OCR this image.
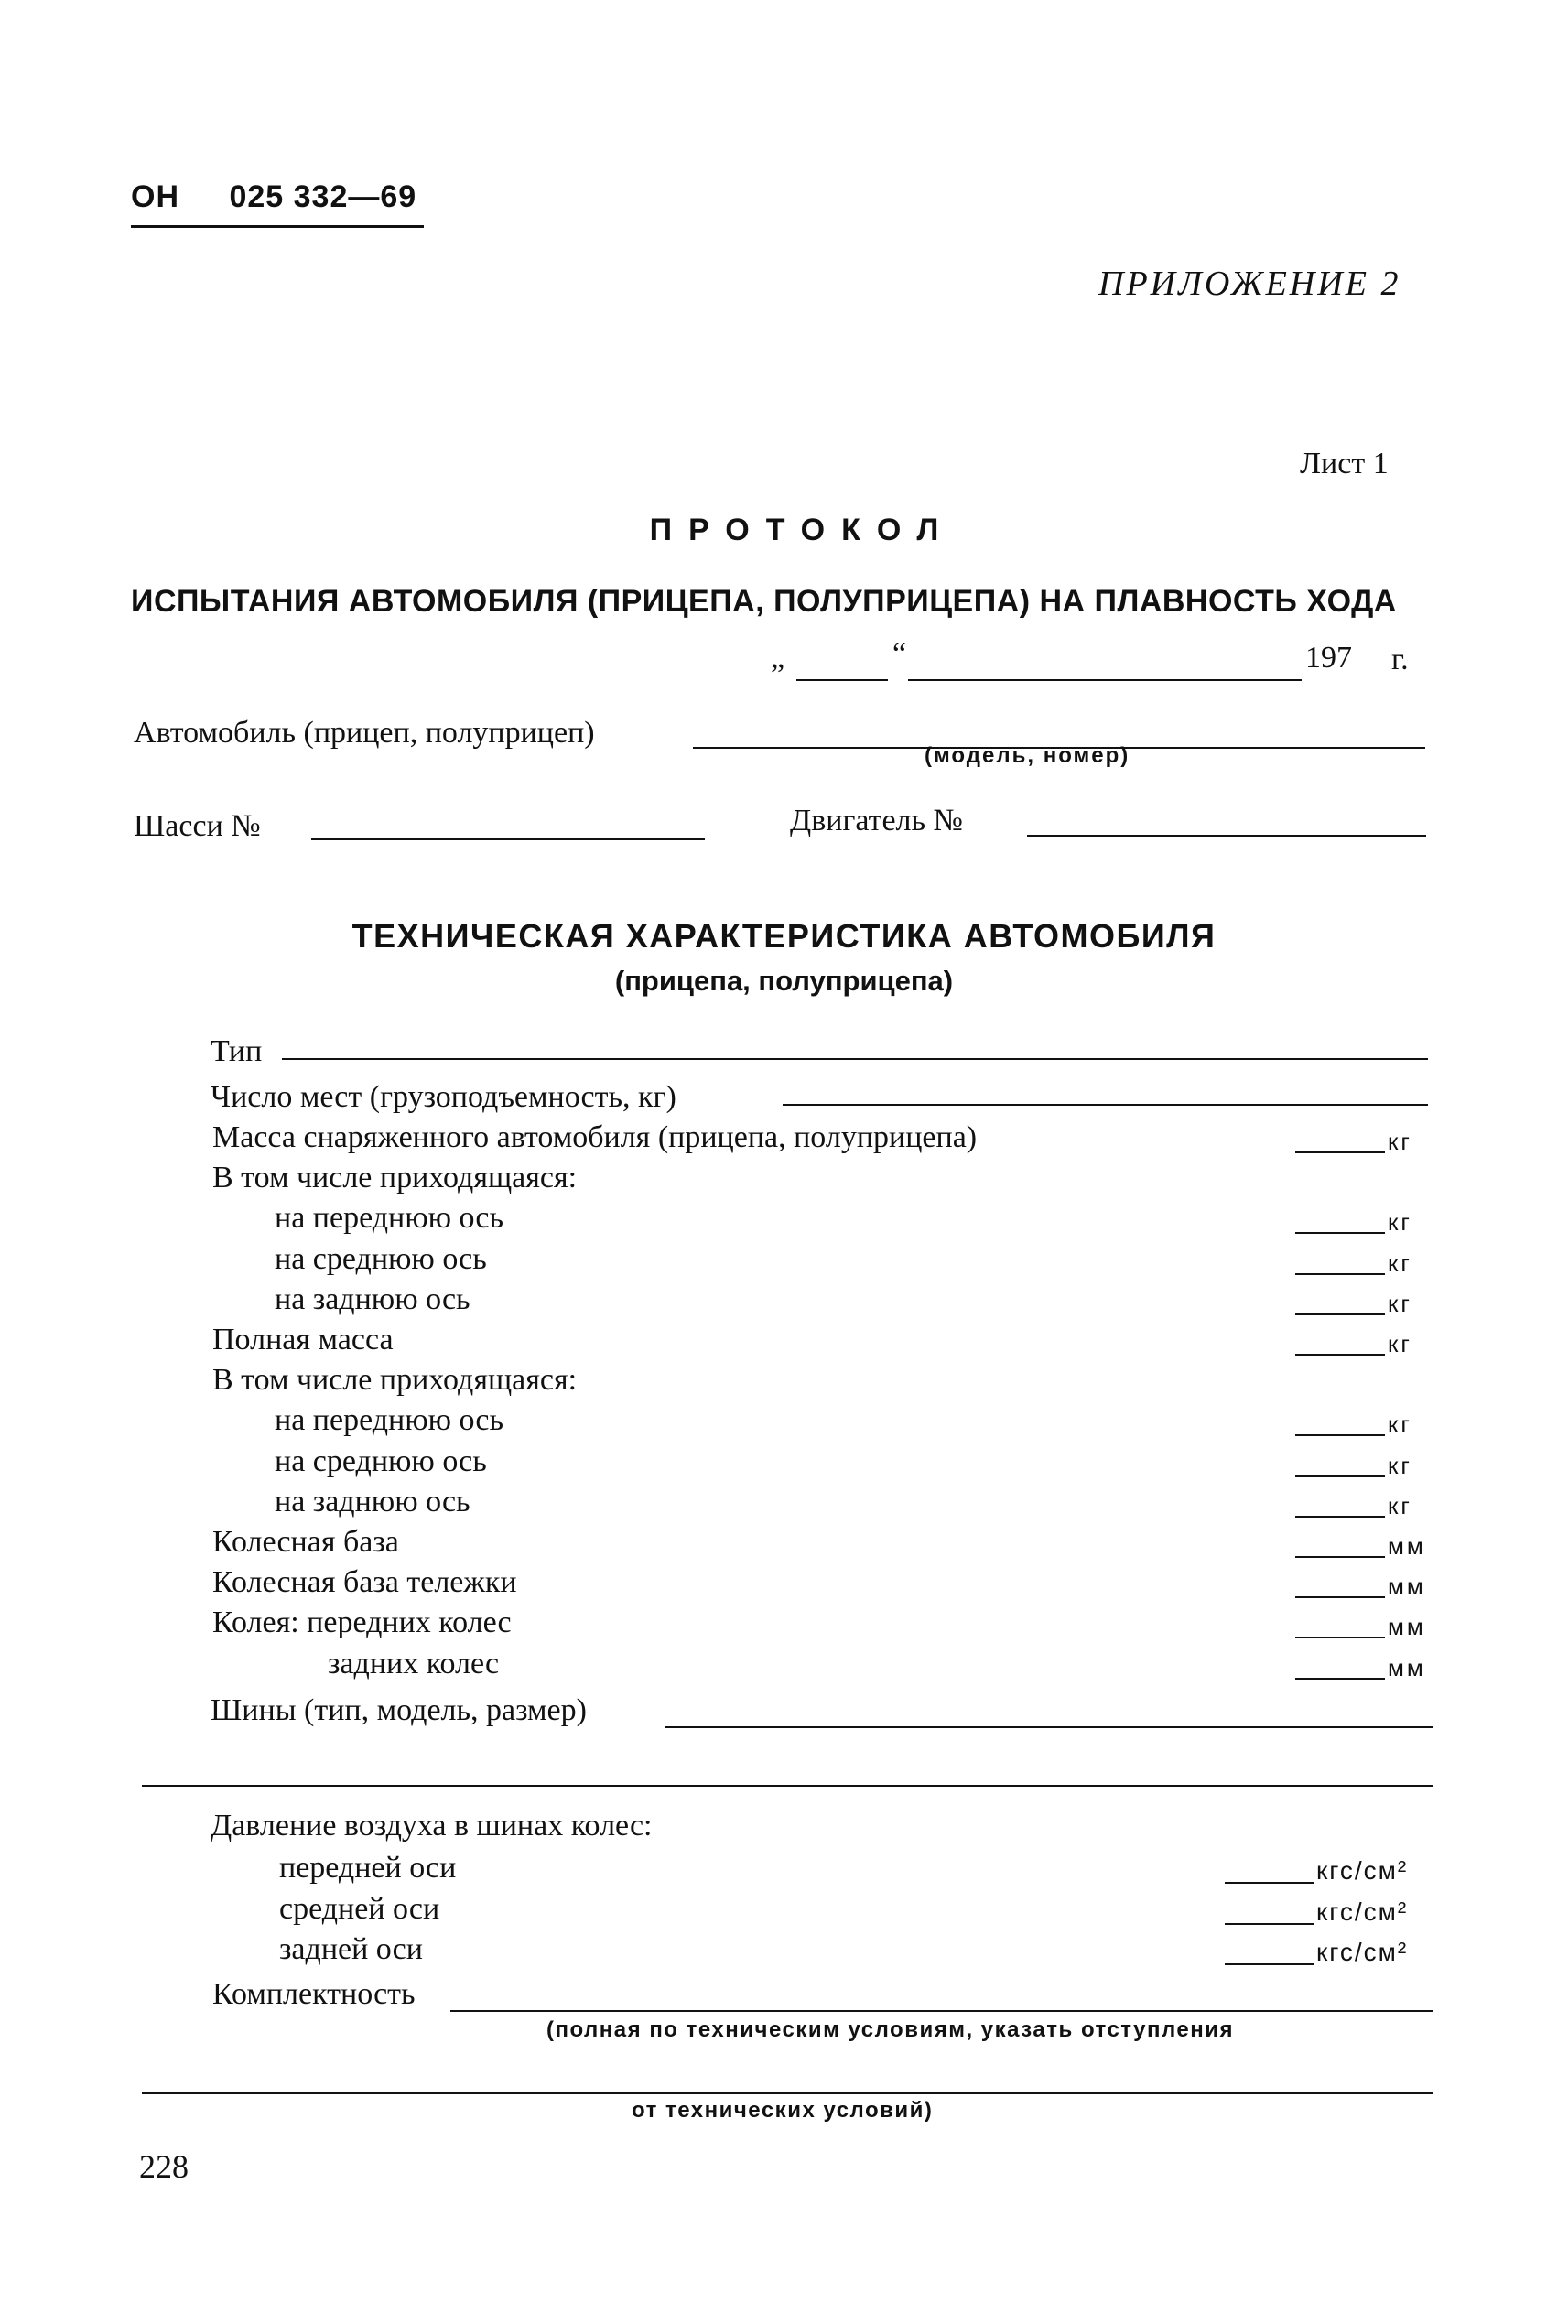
ОН 025 332—69
ПРИЛОЖЕНИЕ 2
Лист 1
ПРОТОКОЛ
ИСПЫТАНИЯ АВТОМОБИЛЯ (ПРИЦЕПА, ПОЛУПРИЦЕПА) НА ПЛАВНОСТЬ ХОДА
„	“	197 г.
Автомобиль (прицеп, полуприцеп)
(модель, номер)
Шасси №	Двигатель №
ТЕХНИЧЕСКАЯ ХАРАКТЕРИСТИКА АВТОМОБИЛЯ
(прицепа, полуприцепа)
Тип
Число мест (грузоподъемность, кг)
Масса снаряженного автомобиля (прицепа, полуприцепа)	кг
В том числе приходящаяся:
на переднюю ось	кг
на среднюю ось	кг
на заднюю ось	кг
Полная масса	кг
В том числе приходящаяся:
на переднюю ось	кг
на среднюю ось	кг
на заднюю ось	кг
Колесная база	мм
Колесная база тележки	мм
Колея: передних колес	мм
задних колес	мм
Шины (тип, модель, размер)
Давление воздуха в шинах колес:
передней оси	кгс/см²
средней оси	кгс/см²
задней оси	кгс/см²
Комплектность
(полная по техническим условиям, указать отступления
от технических условий)
228
